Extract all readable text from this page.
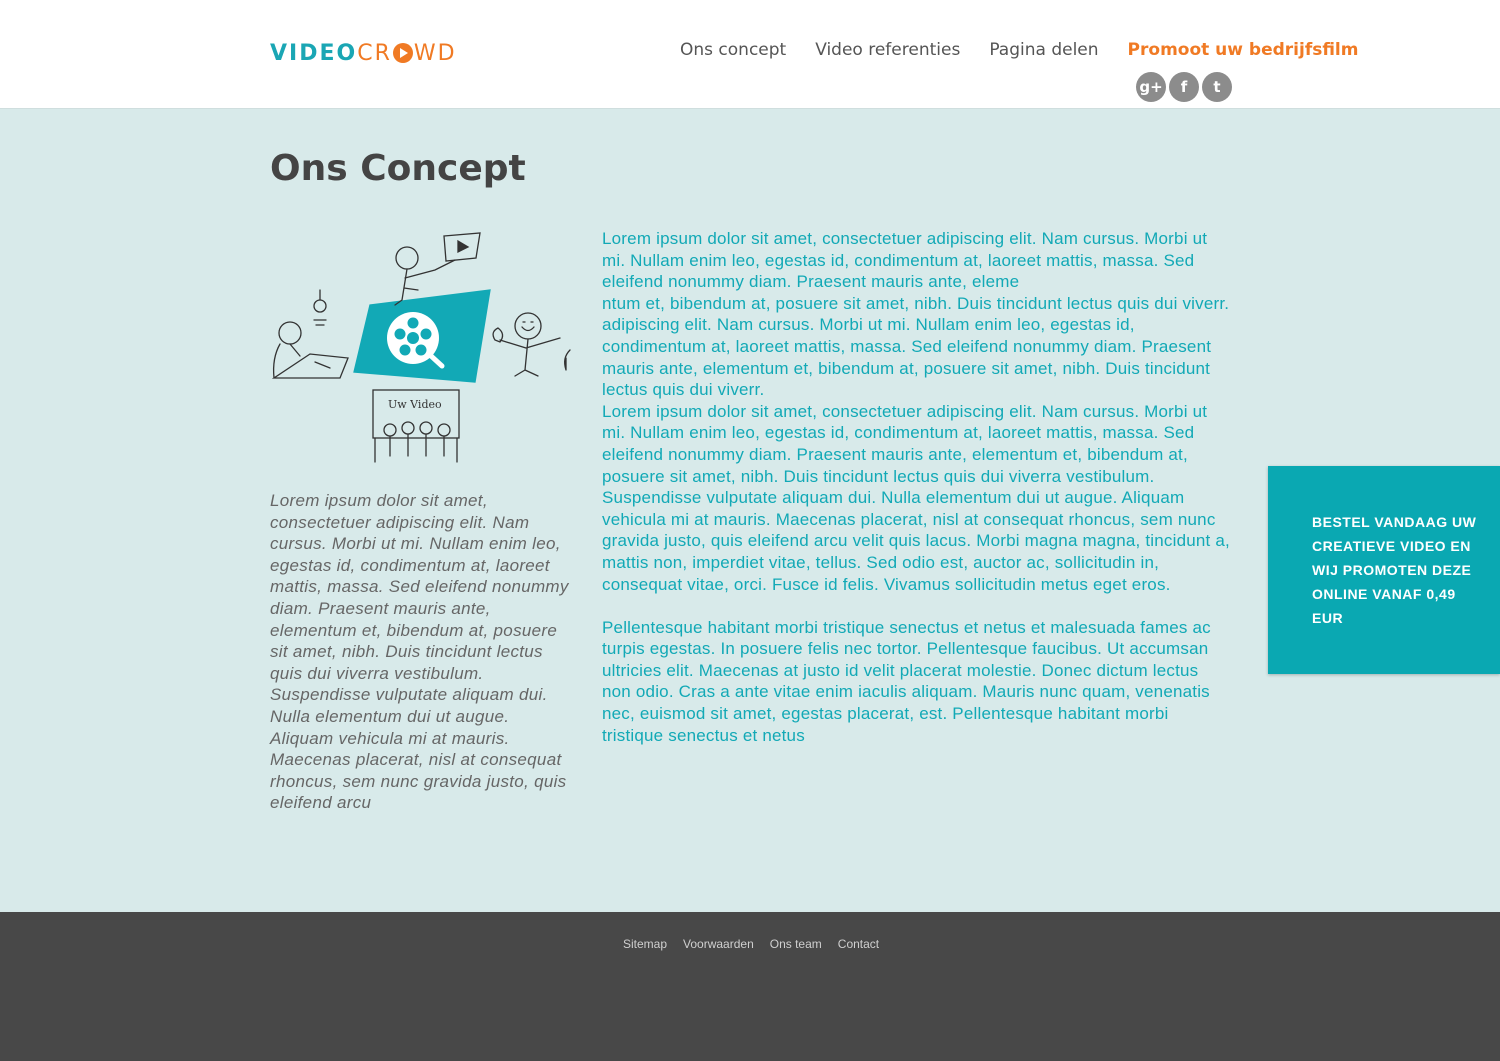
VIDEOCR WD	Ons concept Video referenties Pagina delen Promoot uw bedrijfsfilm
g+	f	t
Ons Concept
Uw Video

Lorem ipsum dolor sit amet, consectetuer adipiscing elit. Nam cursus. Morbi ut mi. Nullam enim leo, egestas id, condimentum at, laoreet mattis, massa. Sed eleifend nonummy diam. Praesent mauris ante, elementum et, bibendum at, posuere sit amet, nibh. Duis tincidunt lectus quis dui viverra vestibulum. Suspendisse vulputate aliquam dui. Nulla elementum dui ut augue. Aliquam vehicula mi at mauris. Maecenas placerat, nisl at consequat rhoncus, sem nunc gravida justo, quis eleifend arcu

Lorem ipsum dolor sit amet, consectetuer adipiscing elit. Nam cursus. Morbi ut mi. Nullam enim leo, egestas id, condimentum at, laoreet mattis, massa. Sed eleifend nonummy diam. Praesent mauris ante, eleme

ntum et, bibendum at, posuere sit amet, nibh. Duis tincidunt lectus quis dui viverr.

adipiscing elit. Nam cursus. Morbi ut mi. Nullam enim leo, egestas id, condimentum at, laoreet mattis, massa. Sed eleifend nonummy diam. Praesent mauris ante, elementum et, bibendum at, posuere sit amet, nibh. Duis tincidunt lectus quis dui viverr.

Lorem ipsum dolor sit amet, consectetuer adipiscing elit. Nam cursus. Morbi ut mi. Nullam enim leo, egestas id, condimentum at, laoreet mattis, massa. Sed eleifend nonummy diam. Praesent mauris ante, elementum et, bibendum at, posuere sit amet, nibh. Duis tincidunt lectus quis dui viverra vestibulum. Suspendisse vulputate aliquam dui. Nulla elementum dui ut augue. Aliquam vehicula mi at mauris. Maecenas placerat, nisl at consequat rhoncus, sem nunc gravida justo, quis eleifend arcu velit quis lacus. Morbi magna magna, tincidunt a, mattis non, imperdiet vitae, tellus. Sed odio est, auctor ac, sollicitudin in, consequat vitae, orci. Fusce id felis. Vivamus sollicitudin metus eget eros.

Pellentesque habitant morbi tristique senectus et netus et malesuada fames ac turpis egestas. In posuere felis nec tortor. Pellentesque faucibus. Ut accumsan ultricies elit. Maecenas at justo id velit placerat molestie. Donec dictum lectus non odio. Cras a ante vitae enim iaculis aliquam. Mauris nunc quam, venenatis nec, euismod sit amet, egestas placerat, est. Pellentesque habitant morbi tristique senectus et netus

BESTEL VANDAAG UW CREATIEVE VIDEO EN WIJ PROMOTEN DEZE ONLINE VANAF 0,49 EUR
Sitemap Voorwaarden Ons team Contact
